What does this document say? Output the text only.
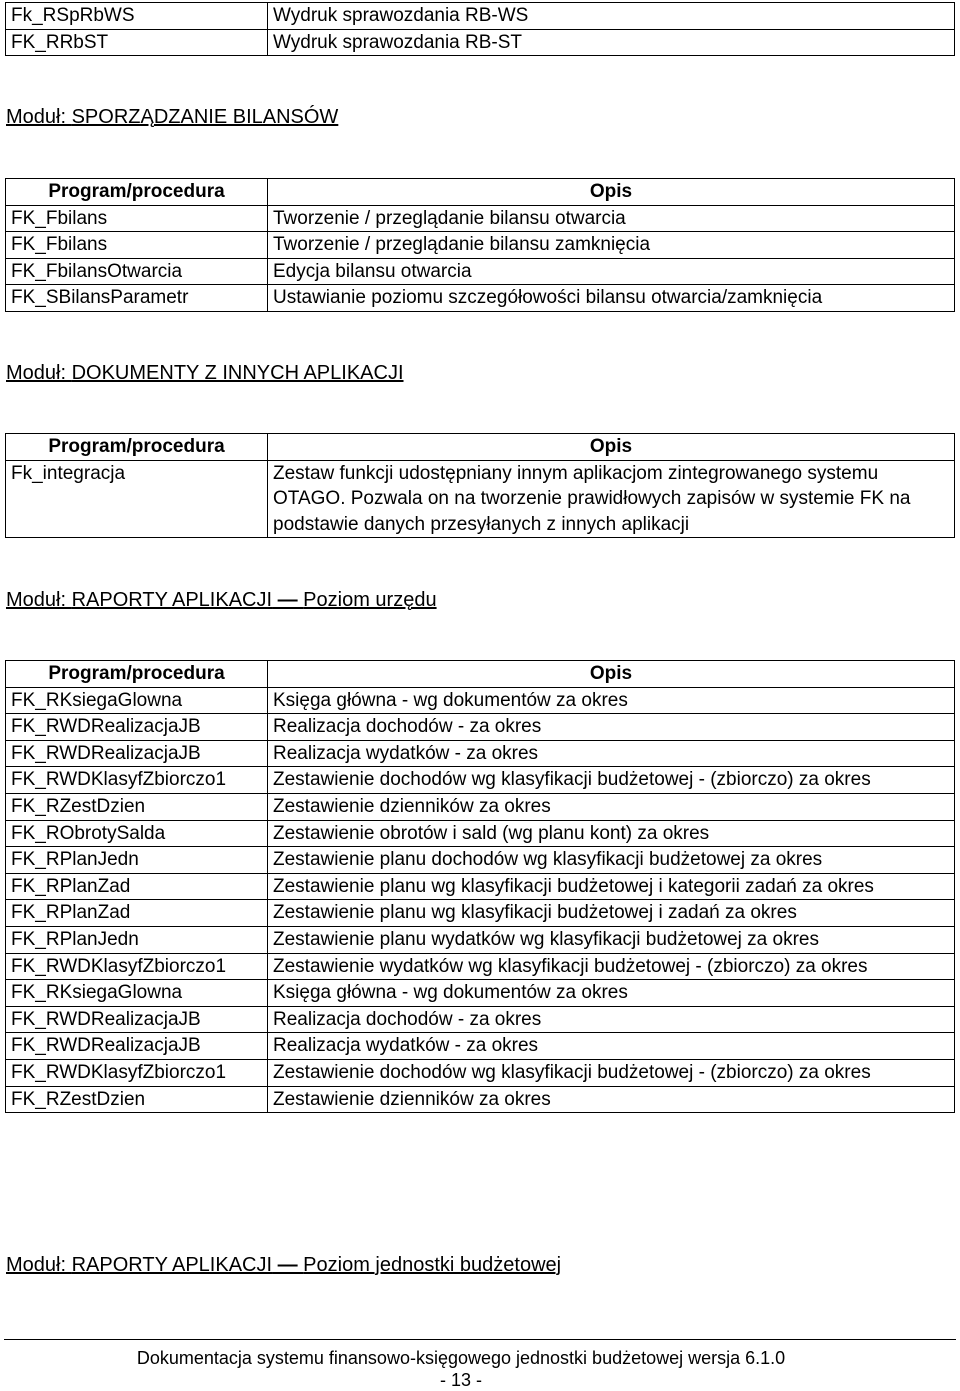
Fk_RSpRbWS	Wydruk sprawozdania RB-WS
FK_RRbST	Wydruk sprawozdania RB-ST
Moduł: SPORZĄDZANIE BILANSÓW
Program/procedura	Opis
FK_Fbilans	Tworzenie / przeglądanie bilansu otwarcia
FK_Fbilans	Tworzenie / przeglądanie bilansu zamknięcia
FK_FbilansOtwarcia	Edycja bilansu otwarcia
FK_SBilansParametr	Ustawianie poziomu szczegółowości bilansu otwarcia/zamknięcia
Moduł: DOKUMENTY Z INNYCH APLIKACJI
Program/procedura	Opis
Fk_integracja	Zestaw funkcji udostępniany innym aplikacjom zintegrowanego systemu OTAGO. Pozwala on na tworzenie prawidłowych zapisów w systemie FK na podstawie danych przesyłanych z innych aplikacji
Moduł: RAPORTY APLIKACJI — Poziom urzędu
Program/procedura	Opis
FK_RKsiegaGlowna	Księga główna - wg dokumentów za okres
FK_RWDRealizacjaJB	Realizacja dochodów - za okres
FK_RWDRealizacjaJB	Realizacja wydatków - za okres
FK_RWDKlasyfZbiorczo1	Zestawienie dochodów wg klasyfikacji budżetowej - (zbiorczo) za okres
FK_RZestDzien	Zestawienie dzienników za okres
FK_RObrotySalda	Zestawienie obrotów i sald (wg planu kont) za okres
FK_RPlanJedn	Zestawienie planu dochodów wg klasyfikacji budżetowej za okres
FK_RPlanZad	Zestawienie planu wg klasyfikacji budżetowej i kategorii zadań za okres
FK_RPlanZad	Zestawienie planu wg klasyfikacji budżetowej i zadań za okres
FK_RPlanJedn	Zestawienie planu wydatków wg klasyfikacji budżetowej za okres
FK_RWDKlasyfZbiorczo1	Zestawienie wydatków wg klasyfikacji budżetowej - (zbiorczo) za okres
FK_RKsiegaGlowna	Księga główna - wg dokumentów za okres
FK_RWDRealizacjaJB	Realizacja dochodów - za okres
FK_RWDRealizacjaJB	Realizacja wydatków - za okres
FK_RWDKlasyfZbiorczo1	Zestawienie dochodów wg klasyfikacji budżetowej - (zbiorczo) za okres
FK_RZestDzien	Zestawienie dzienników za okres
Moduł: RAPORTY APLIKACJI — Poziom jednostki budżetowej
Dokumentacja systemu finansowo-księgowego jednostki budżetowej wersja 6.1.0
- 13 -
